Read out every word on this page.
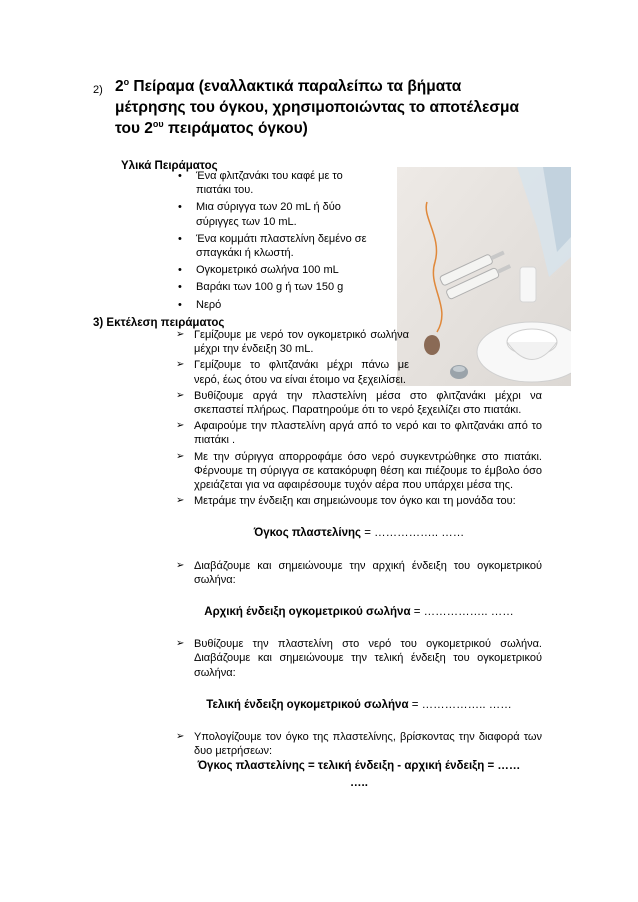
2) $2^o$ Πείραμα (εναλλακτικά παραλείπω τα βήματα μέτρησης του όγκου, χρησιμοποιώντας το αποτέλεσμα του $2^{o\upsilon}$ πειράματος όγκου)
Υλικά Πειράματος
• Ένα φλιτζανάκι του καφέ με το πιατάκι του.
• Μια σύριγγα των 20 mL ή δύο σύριγγες των 10 mL.
• Ένα κομμάτι πλαστελίνη δεμένο σε σπαγκάκι ή κλωστή.
• Ογκομετρικό σωλήνα 100 mL
• Βαράκι των 100 g ή των 150 g
• Νερό
3) Εκτέλεση πειράματος
➢ Γεμίζουμε με νερό τον ογκομετρικό σωλήνα μέχρι την ένδειξη 30 mL.
➢ Γεμίζουμε το φλιτζανάκι μέχρι πάνω με νερό, έως ότου να είναι έτοιμο να ξεχειλίσει.
➢ Βυθίζουμε αργά την πλαστελίνη μέσα στο φλιτζανάκι μέχρι να σκεπαστεί πλήρως. Παρατηρούμε ότι το νερό ξεχειλίζει στο πιατάκι.
➢ Αφαιρούμε την πλαστελίνη αργά από το νερό και το φλιτζανάκι από το πιατάκι .
➢ Με την σύριγγα απορροφάμε όσο νερό συγκεντρώθηκε στο πιατάκι. Φέρνουμε τη σύριγγα σε κατακόρυφη θέση και πιέζουμε το έμβολο όσο χρειάζεται για να αφαιρέσουμε τυχόν αέρα που υπάρχει μέσα της.
➢ Μετράμε την ένδειξη και σημειώνουμε τον όγκο και τη μονάδα του:
Όγκος πλαστελίνης = …………….. ……
➢ Διαβάζουμε και σημειώνουμε την αρχική ένδειξη του ογκομετρικού σωλήνα:
Αρχική ένδειξη ογκομετρικού σωλήνα = …………….. ……
➢ Βυθίζουμε την πλαστελίνη στο νερό του ογκομετρικού σωλήνα. Διαβάζουμε και σημειώνουμε την τελική ένδειξη του ογκομετρικού σωλήνα:
Τελική ένδειξη ογκομετρικού σωλήνα = …………….. ……
➢ Υπολογίζουμε τον όγκο της πλαστελίνης, βρίσκοντας την διαφορά των δυο μετρήσεων:
Όγκος πλαστελίνης = τελική ένδειξη - αρχική ένδειξη = ……
…..
